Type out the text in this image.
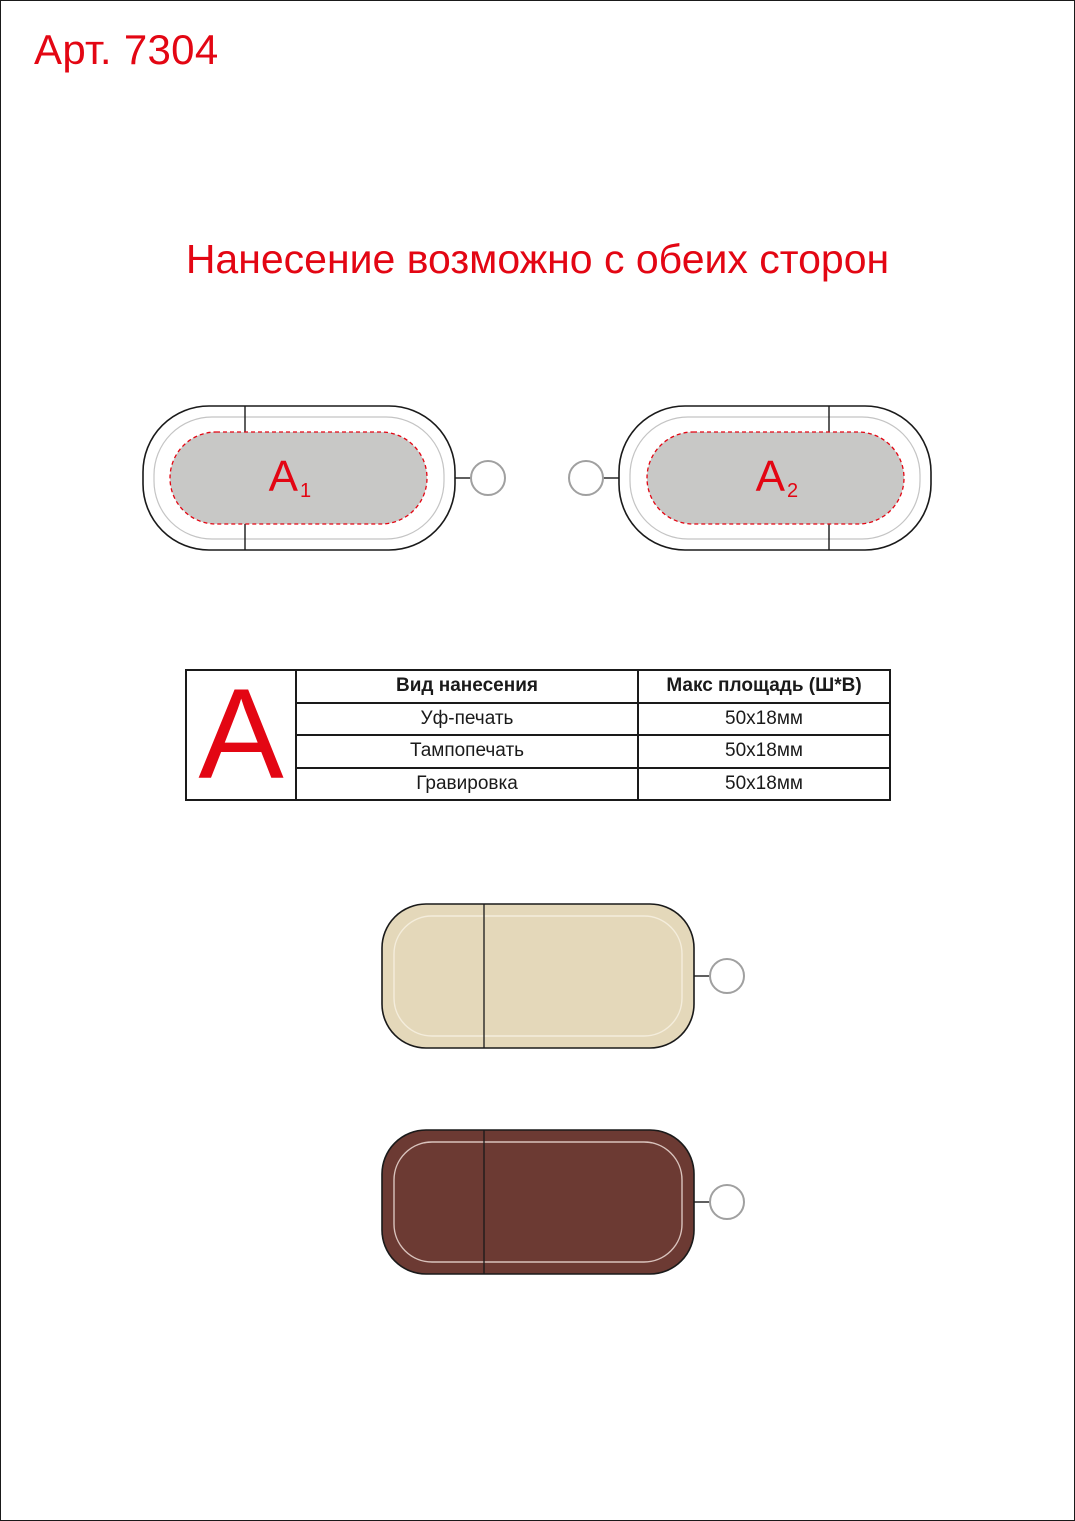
Арт. 7304
Нанесение возможно с обеих сторон
A 1	A 2
A	Вид нанесения	Макс площадь (Ш*В)
	Уф-печать	50x18мм
	Тампопечать	50x18мм
	Гравировка	50x18мм
